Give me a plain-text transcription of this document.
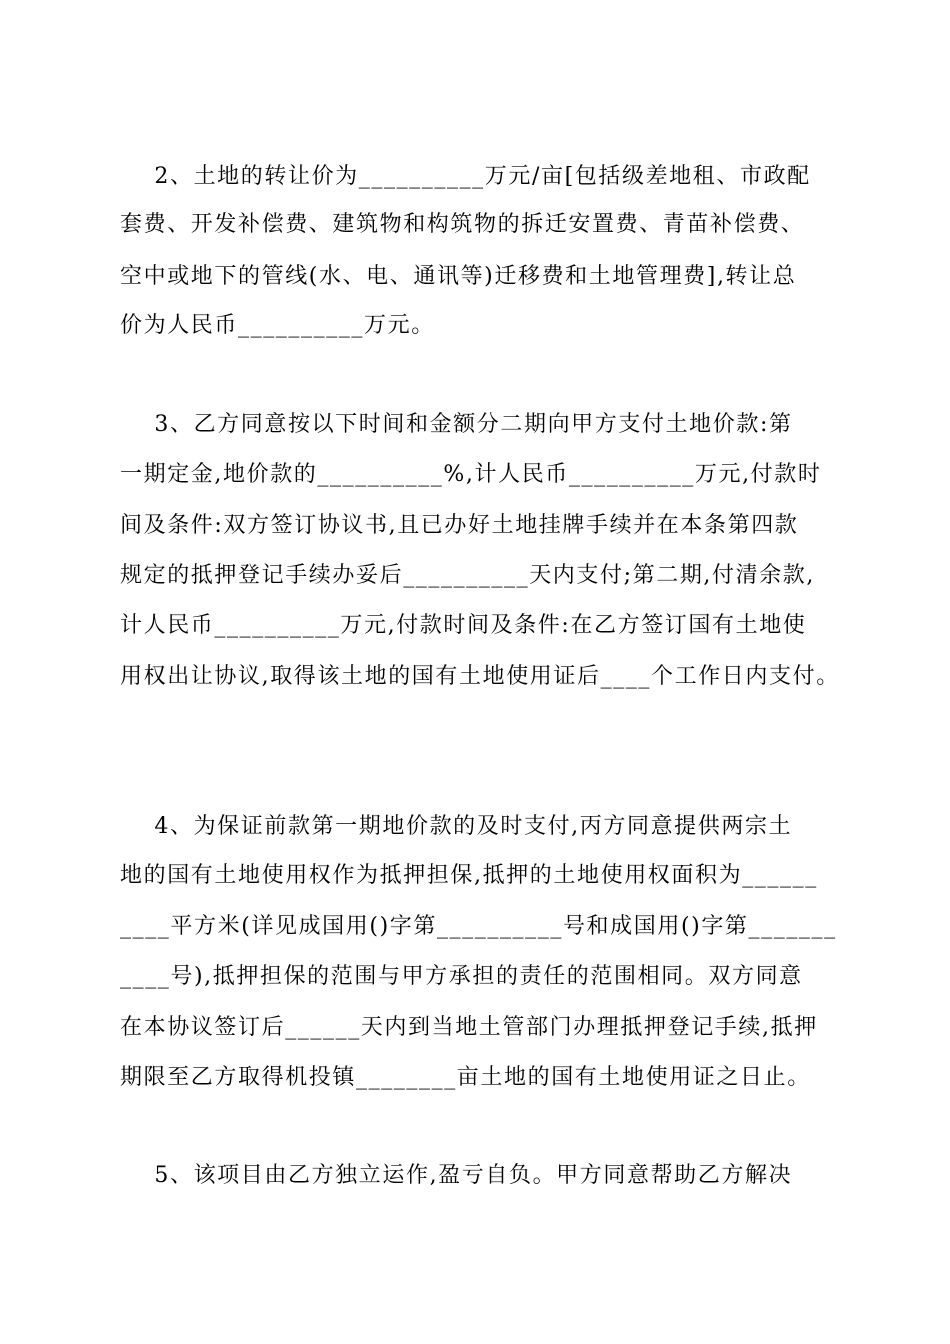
2、土地的转让价为__________万元/亩[包括级差地租、市政配
套费、开发补偿费、建筑物和构筑物的拆迁安置费、青苗补偿费、
空中或地下的管线(水、电、通讯等)迁移费和土地管理费],转让总
价为人民币__________万元。
3、乙方同意按以下时间和金额分二期向甲方支付土地价款:第
一期定金,地价款的__________%,计人民币__________万元,付款时
间及条件:双方签订协议书,且已办好土地挂牌手续并在本条第四款
规定的抵押登记手续办妥后__________天内支付;第二期,付清余款,
计人民币__________万元,付款时间及条件:在乙方签订国有土地使
用权出让协议,取得该土地的国有土地使用证后____个工作日内支付。
4、为保证前款第一期地价款的及时支付,丙方同意提供两宗土
地的国有土地使用权作为抵押担保,抵押的土地使用权面积为______
____平方米(详见成国用()字第__________号和成国用()字第_______
____号),抵押担保的范围与甲方承担的责任的范围相同。双方同意
在本协议签订后______天内到当地土管部门办理抵押登记手续,抵押
期限至乙方取得机投镇________亩土地的国有土地使用证之日止。
5、该项目由乙方独立运作,盈亏自负。甲方同意帮助乙方解决
